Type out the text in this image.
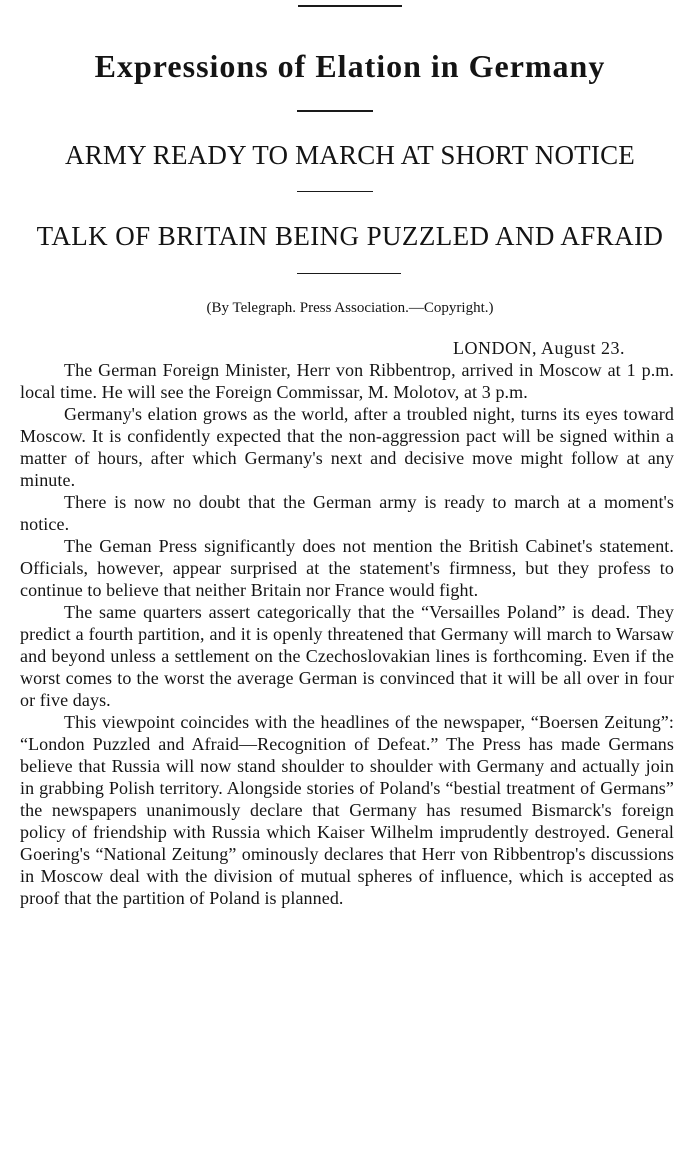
Expressions of Elation in Germany
ARMY READY TO MARCH AT SHORT NOTICE
TALK OF BRITAIN BEING PUZZLED AND AFRAID
(By Telegraph. Press Association.—Copyright.)
LONDON, August 23.

The German Foreign Minister, Herr von Ribbentrop, arrived in Moscow at 1 p.m. local time. He will see the Foreign Commissar, M. Molotov, at 3 p.m.

Germany's elation grows as the world, after a troubled night, turns its eyes toward Moscow. It is confidently expected that the non-aggression pact will be signed within a matter of hours, after which Germany's next and decisive move might follow at any minute.

There is now no doubt that the German army is ready to march at a moment's notice.

The Geman Press significantly does not mention the British Cabinet's statement. Officials, however, appear surprised at the statement's firmness, but they profess to continue to believe that neither Britain nor France would fight.

The same quarters assert categorically that the “Versailles Poland” is dead. They predict a fourth partition, and it is openly threatened that Germany will march to Warsaw and beyond unless a settlement on the Czechoslovakian lines is forthcoming. Even if the worst comes to the worst the average German is convinced that it will be all over in four or five days.

This viewpoint coincides with the headlines of the newspaper, “Boersen Zeitung”: “London Puzzled and Afraid—Recognition of Defeat.” The Press has made Germans believe that Russia will now stand shoulder to shoulder with Germany and actually join in grabbing Polish territory. Alongside stories of Poland's “bestial treatment of Germans” the newspapers unanimously declare that Germany has resumed Bismarck's foreign policy of friendship with Russia which Kaiser Wilhelm imprudently destroyed. General Goering's “National Zeitung” ominously declares that Herr von Ribbentrop's discussions in Moscow deal with the division of mutual spheres of influence, which is accepted as proof that the partition of Poland is planned.
